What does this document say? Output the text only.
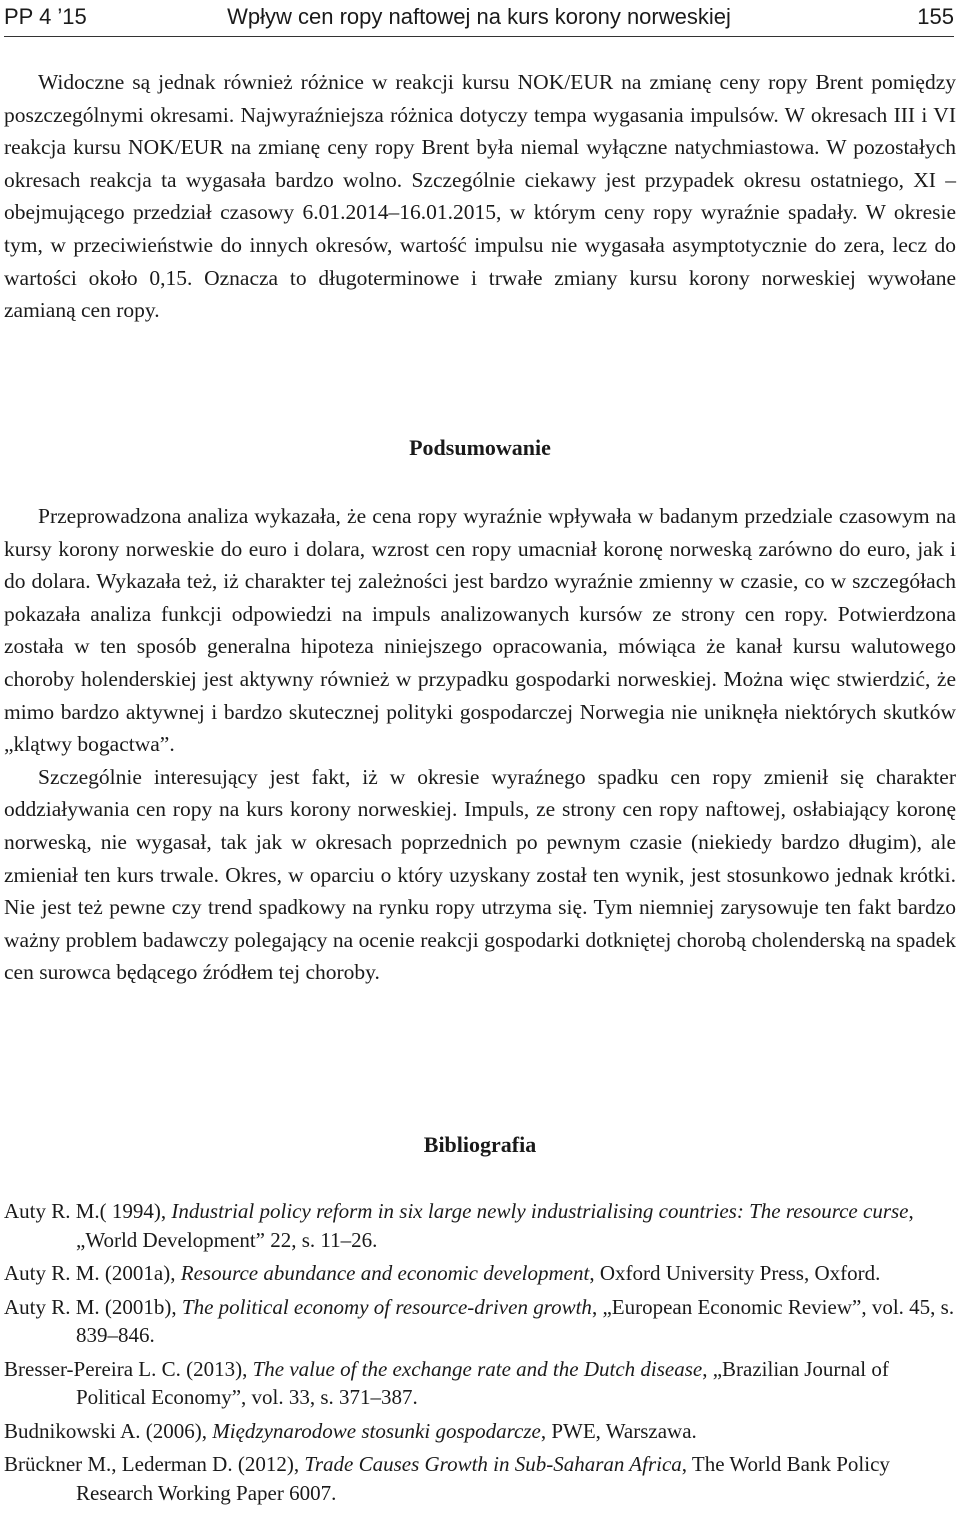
PP 4 ’15	Wpływ cen ropy naftowej na kurs korony norweskiej	155

Widoczne są jednak również różnice w reakcji kursu NOK/EUR na zmianę ceny ropy Brent pomiędzy poszczególnymi okresami. Najwyraźniejsza różnica dotyczy tempa wygasania impulsów. W okresach III i VI reakcja kursu NOK/EUR na zmianę ceny ropy Brent była niemal wyłączne natychmiastowa. W pozostałych okresach reakcja ta wygasała bardzo wolno. Szczególnie ciekawy jest przypadek okresu ostatniego, XI – obejmującego przedział czasowy 6.01.2014–16.01.2015, w którym ceny ropy wyraźnie spadały. W okresie tym, w przeciwieństwie do innych okresów, wartość impulsu nie wygasała asymptotycznie do zera, lecz do wartości około 0,15. Oznacza to długoterminowe i trwałe zmiany kursu korony norweskiej wywołane zamianą cen ropy.

Podsumowanie

Przeprowadzona analiza wykazała, że cena ropy wyraźnie wpływała w badanym przedziale czasowym na kursy korony norweskie do euro i dolara, wzrost cen ropy umacniał koronę norweską zarówno do euro, jak i do dolara. Wykazała też, iż charakter tej zależności jest bardzo wyraźnie zmienny w czasie, co w szczegółach pokazała analiza funkcji odpowiedzi na impuls analizowanych kursów ze strony cen ropy. Potwierdzona została w ten sposób generalna hipoteza niniejszego opracowania, mówiąca że kanał kursu walutowego choroby holenderskiej jest aktywny również w przypadku gospodarki norweskiej. Można więc stwierdzić, że mimo bardzo aktywnej i bardzo skutecznej polityki gospodarczej Norwegia nie uniknęła niektórych skutków „klątwy bogactwa”.

Szczególnie interesujący jest fakt, iż w okresie wyraźnego spadku cen ropy zmienił się charakter oddziaływania cen ropy na kurs korony norweskiej. Impuls, ze strony cen ropy naftowej, osłabiający koronę norweską, nie wygasał, tak jak w okresach poprzednich po pewnym czasie (niekiedy bardzo długim), ale zmieniał ten kurs trwale. Okres, w oparciu o który uzyskany został ten wynik, jest stosunkowo jednak krótki. Nie jest też pewne czy trend spadkowy na rynku ropy utrzyma się. Tym niemniej zarysowuje ten fakt bardzo ważny problem badawczy polegający na ocenie reakcji gospodarki dotkniętej chorobą cholenderską na spadek cen surowca będącego źródłem tej choroby.

Bibliografia
Auty R. M.( 1994), Industrial policy reform in six large newly industrialising countries: The resource curse, „World Development” 22, s. 11–26.
Auty R. M. (2001a), Resource abundance and economic development, Oxford University Press, Oxford.
Auty R. M. (2001b), The political economy of resource-driven growth, „European Economic Review”, vol. 45, s. 839–846.
Bresser-Pereira L. C. (2013), The value of the exchange rate and the Dutch disease, „Brazilian Journal of Political Economy”, vol. 33, s. 371–387.
Budnikowski A. (2006), Międzynarodowe stosunki gospodarcze, PWE, Warszawa.
Brückner M., Lederman D. (2012), Trade Causes Growth in Sub-Saharan Africa, The World Bank Policy Research Working Paper 6007.
